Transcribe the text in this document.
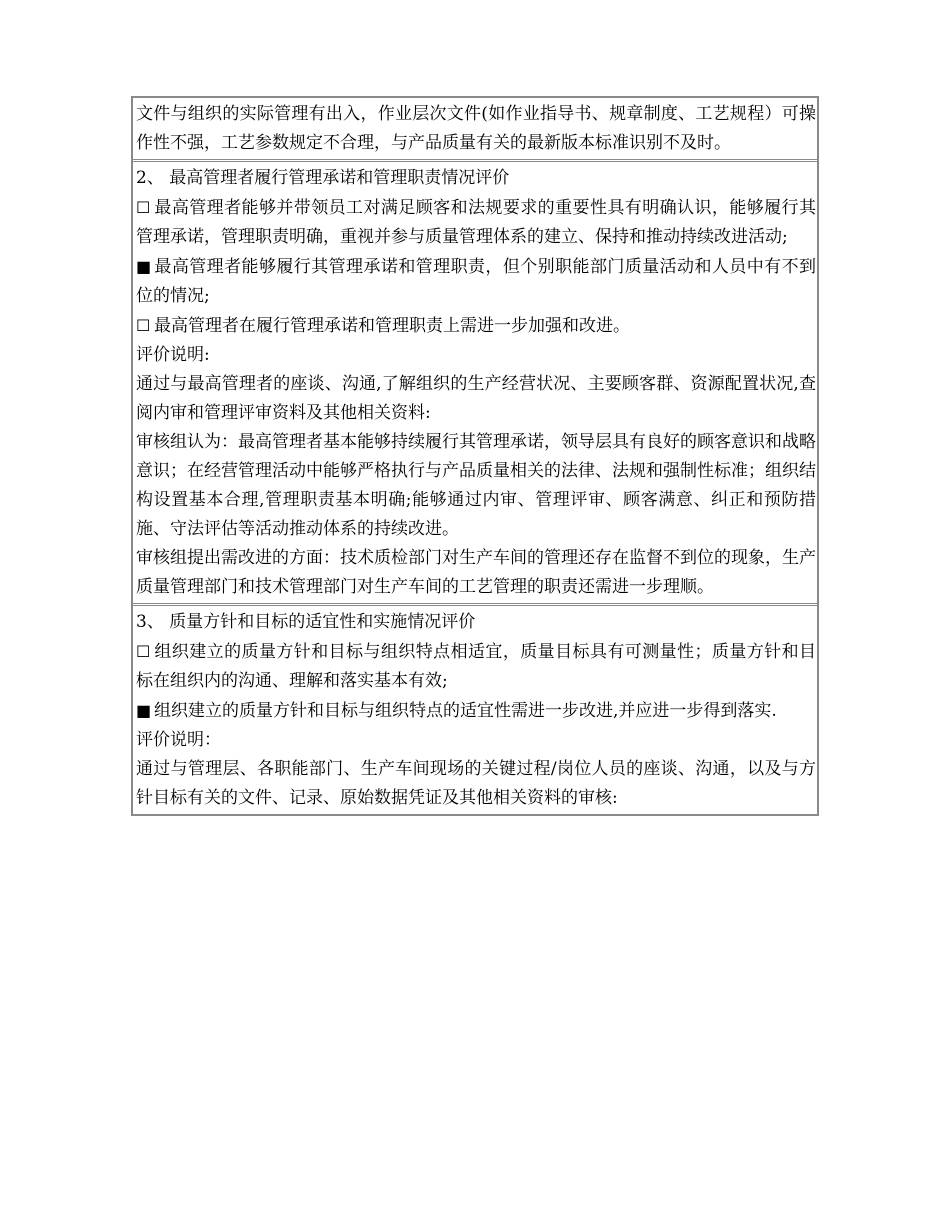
文件与组织的实际管理有出入，作业层次文件(如作业指导书、规章制度、工艺规程）可操作性不强，工艺参数规定不合理，与产品质量有关的最新版本标准识别不及时。

2、 最高管理者履行管理承诺和管理职责情况评价

☐ 最高管理者能够并带领员工对满足顾客和法规要求的重要性具有明确认识，能够履行其管理承诺，管理职责明确，重视并参与质量管理体系的建立、保持和推动持续改进活动;

■ 最高管理者能够履行其管理承诺和管理职责，但个别职能部门质量活动和人员中有不到位的情况;

☐ 最高管理者在履行管理承诺和管理职责上需进一步加强和改进。

评价说明:

通过与最高管理者的座谈、沟通,了解组织的生产经营状况、主要顾客群、资源配置状况,查阅内审和管理评审资料及其他相关资料:

审核组认为：最高管理者基本能够持续履行其管理承诺，领导层具有良好的顾客意识和战略意识；在经营管理活动中能够严格执行与产品质量相关的法律、法规和强制性标准；组织结构设置基本合理,管理职责基本明确;能够通过内审、管理评审、顾客满意、纠正和预防措施、守法评估等活动推动体系的持续改进。

审核组提出需改进的方面：技术质检部门对生产车间的管理还存在监督不到位的现象，生产质量管理部门和技术管理部门对生产车间的工艺管理的职责还需进一步理顺。

3、 质量方针和目标的适宜性和实施情况评价

☐ 组织建立的质量方针和目标与组织特点相适宜，质量目标具有可测量性；质量方针和目标在组织内的沟通、理解和落实基本有效;

■ 组织建立的质量方针和目标与组织特点的适宜性需进一步改进,并应进一步得到落实.

评价说明：

通过与管理层、各职能部门、生产车间现场的关键过程/岗位人员的座谈、沟通，以及与方针目标有关的文件、记录、原始数据凭证及其他相关资料的审核:
